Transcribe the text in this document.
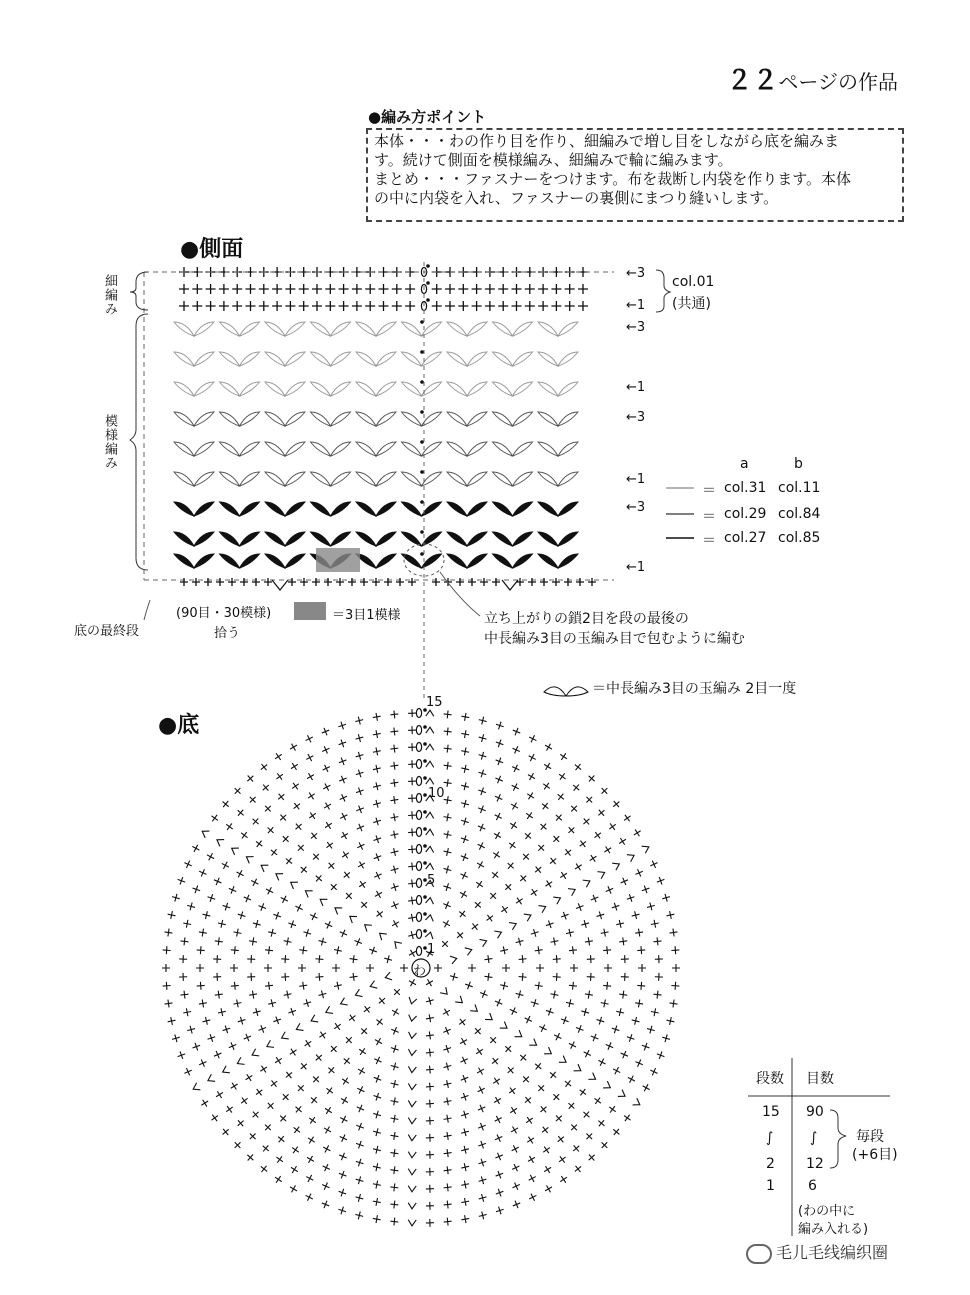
２２ページの作品
●編み方ポイント
本体・・・わの作り目を作り、細編みで増し目をしながら底を編みま
す。続けて側面を模様編み、細編みで輪に編みます。
まとめ・・・ファスナーをつけます。布を裁断し内袋を作ります。本体
の中に内袋を入れ、ファスナーの裏側にまつり縫いします。
●側面
●底
細編み
模様編み
←3
←1
←3
←1
←3
←1
←3
←1
col.01
(共通)
a	b
＝ col.31 col.11
＝ col.29 col.84
＝ col.27 col.85
底の最終段
(90目・30模様)
拾う
＝3目1模様	立ち上がりの鎖2目を段の最後の
中長編み3目の玉編み目で包むように編む
＝中長編み3目の玉編み 2目一度
15
10
5
1
わ
段数 目数
15 90
∫	∫
2 12
1 6
毎段
(+6目)
(わの中に
編み入れる)
毛儿毛线编织圈
